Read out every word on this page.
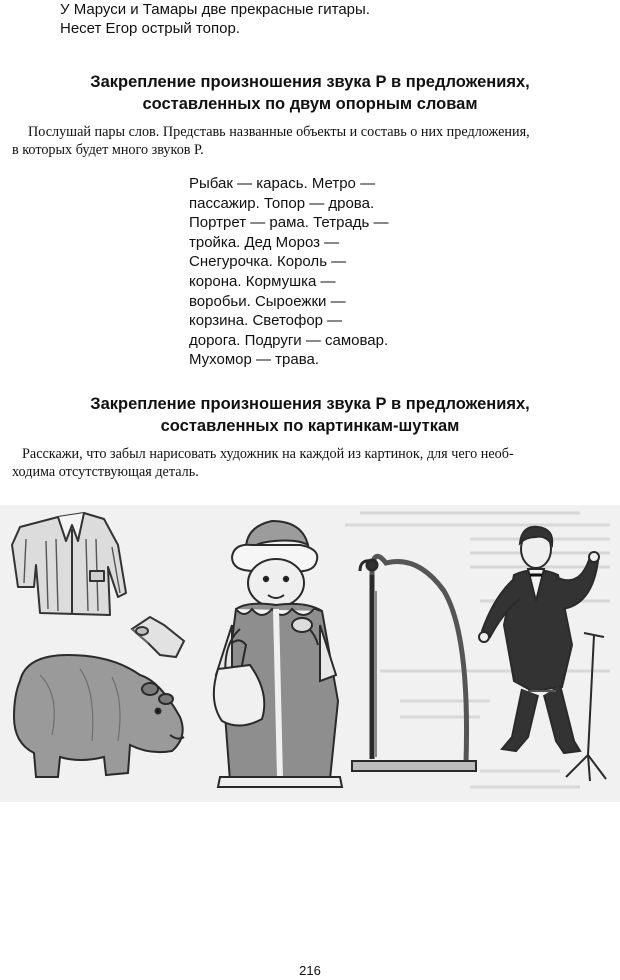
У Маруси и Тамары две прекрасные гитары.
Несет Егор острый топор.
Закрепление произношения звука Р в предложениях,
составленных по двум опорным словам
Послушай пары слов. Представь названные объекты и составь о них предложения,
в которых будет много звуков Р.
Рыбак — карась. Метро —
пассажир. Топор — дрова.
Портрет — рама. Тетрадь —
тройка. Дед Мороз —
Снегурочка. Король —
корона. Кормушка —
воробьи. Сыроежки —
корзина. Светофор —
дорога. Подруги — самовар.
Мухомор — трава.
Закрепление произношения звука Р в предложениях,
составленных по картинкам-шуткам
Расскажи, что забыл нарисовать художник на каждой из картинок, для чего необ-
ходима отсутствующая деталь.
216
